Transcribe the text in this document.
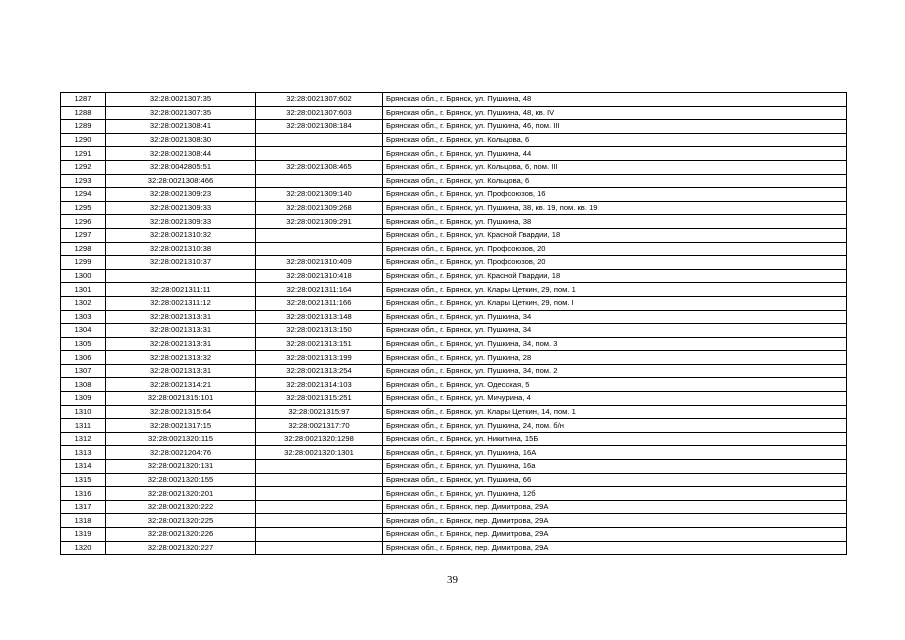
1287	32:28:0021307:35	32:28:0021307:602	Брянская обл., г. Брянск, ул. Пушкина, 48
1288	32:28:0021307:35	32:28:0021307:603	Брянская обл., г. Брянск, ул. Пушкина, 48, кв. IV
1289	32:28:0021308:41	32:28:0021308:184	Брянская обл., г. Брянск, ул. Пушкина, 46, пом. III
1290	32:28:0021308:30		Брянская обл., г. Брянск, ул. Кольцова, 6
1291	32:28:0021308:44		Брянская обл., г. Брянск, ул. Пушкина, 44
1292	32:28:0042805:51	32:28:0021308:465	Брянская обл., г. Брянск, ул. Кольцова, 6, пом. III
1293	32:28:0021308:466		Брянская обл., г. Брянск, ул. Кольцова, 6
1294	32:28:0021309:23	32:28:0021309:140	Брянская обл., г. Брянск, ул. Профсоюзов, 16
1295	32:28:0021309:33	32:28:0021309:268	Брянская обл., г. Брянск, ул. Пушкина, 38, кв. 19, пом. кв. 19
1296	32:28:0021309:33	32:28:0021309:291	Брянская обл., г. Брянск, ул. Пушкина, 38
1297	32:28:0021310:32		Брянская обл., г. Брянск, ул. Красной Гвардии, 18
1298	32:28:0021310:38		Брянская обл., г. Брянск, ул. Профсоюзов, 20
1299	32:28:0021310:37	32:28:0021310:409	Брянская обл., г. Брянск, ул. Профсоюзов, 20
1300		32:28:0021310:418	Брянская обл., г. Брянск, ул. Красной Гвардии, 18
1301	32:28:0021311:11	32:28:0021311:164	Брянская обл., г. Брянск, ул. Клары Цеткин, 29, пом. 1
1302	32:28:0021311:12	32:28:0021311:166	Брянская обл., г. Брянск, ул. Клары Цеткин, 29, пом. I
1303	32:28:0021313:31	32:28:0021313:148	Брянская обл., г. Брянск, ул. Пушкина, 34
1304	32:28:0021313:31	32:28:0021313:150	Брянская обл., г. Брянск, ул. Пушкина, 34
1305	32:28:0021313:31	32:28:0021313:151	Брянская обл., г. Брянск, ул. Пушкина, 34, пом. 3
1306	32:28:0021313:32	32:28:0021313:199	Брянская обл., г. Брянск, ул. Пушкина, 28
1307	32:28:0021313:31	32:28:0021313:254	Брянская обл., г. Брянск, ул. Пушкина, 34, пом. 2
1308	32:28:0021314:21	32:28:0021314:103	Брянская обл., г. Брянск, ул. Одесская, 5
1309	32:28:0021315:101	32:28:0021315:251	Брянская обл., г. Брянск, ул. Мичурина, 4
1310	32:28:0021315:64	32:28:0021315:97	Брянская обл., г. Брянск, ул. Клары Цеткин, 14, пом. 1
1311	32:28:0021317:15	32:28:0021317:70	Брянская обл., г. Брянск, ул. Пушкина, 24, пом. б/н
1312	32:28:0021320:115	32:28:0021320:1298	Брянская обл., г. Брянск, ул. Никитина, 15Б
1313	32:28:0021204:76	32:28:0021320:1301	Брянская обл., г. Брянск, ул. Пушкина, 16А
1314	32:28:0021320:131		Брянская обл., г. Брянск, ул. Пушкина, 16а
1315	32:28:0021320:155		Брянская обл., г. Брянск, ул. Пушкина, 66
1316	32:28:0021320:201		Брянская обл., г. Брянск, ул. Пушкина, 12б
1317	32:28:0021320:222		Брянская обл., г. Брянск, пер. Димитрова, 29А
1318	32:28:0021320:225		Брянская обл., г. Брянск, пер. Димитрова, 29А
1319	32:28:0021320:226		Брянская обл., г. Брянск, пер. Димитрова, 29А
1320	32:28:0021320:227		Брянская обл., г. Брянск, пер. Димитрова, 29А
39
